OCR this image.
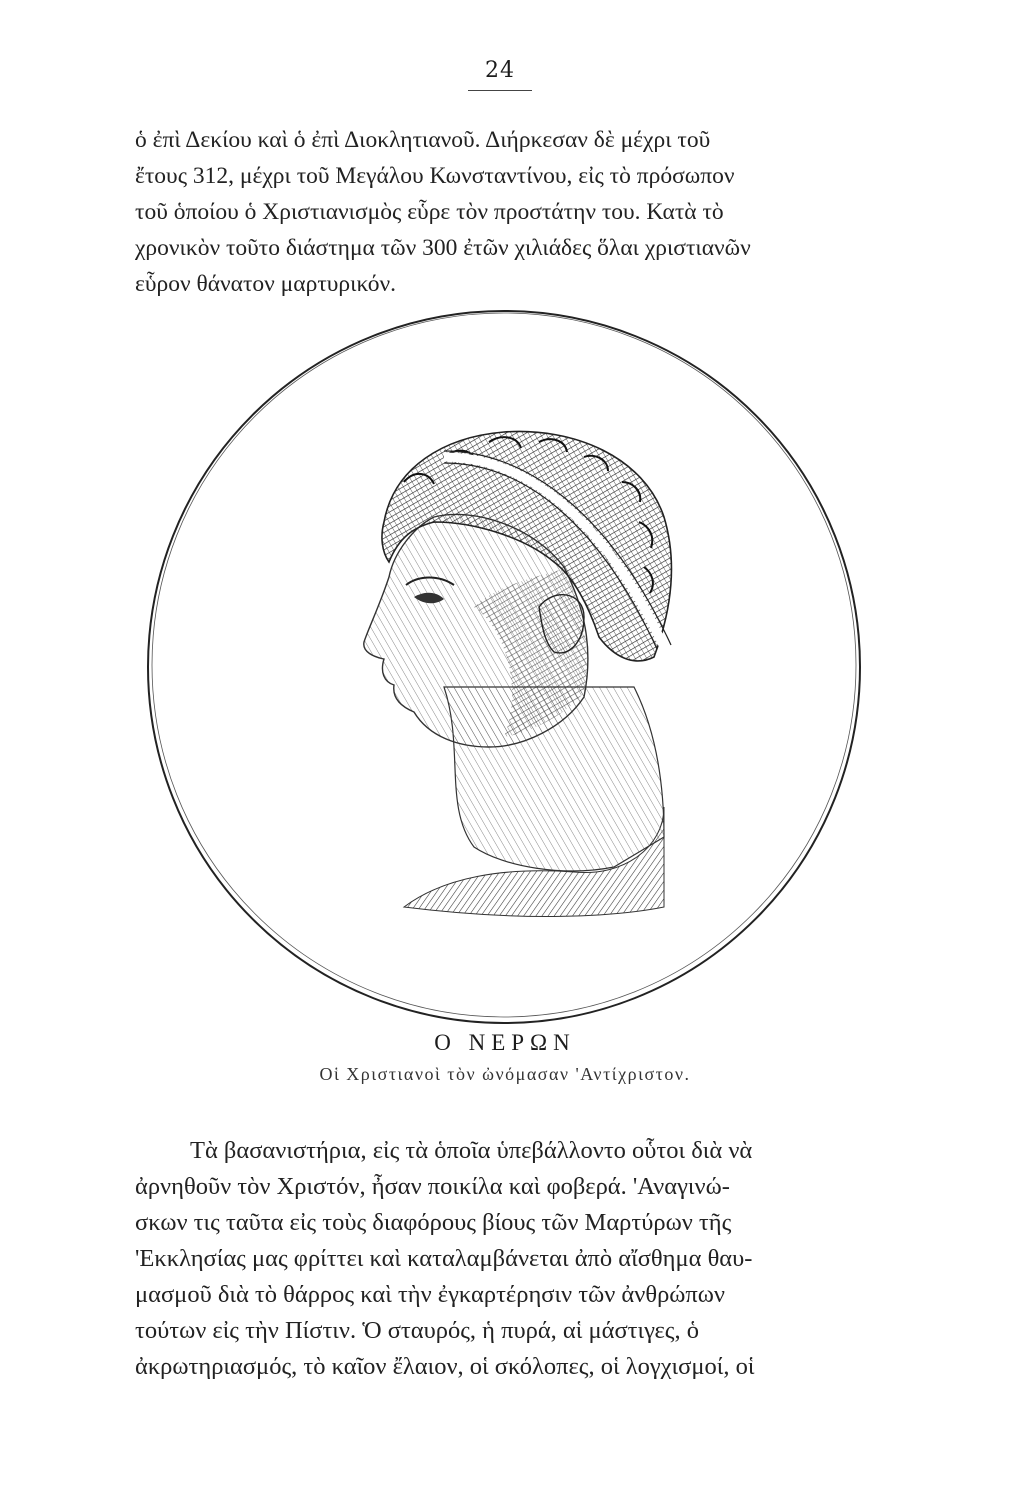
24
ὁ ἐπὶ Δεκίου καὶ ὁ ἐπὶ Διοκλητιανοῦ. Διήρκεσαν δὲ μέχρι τοῦ
ἔτους 312, μέχρι τοῦ Μεγάλου Κωνσταντίνου, εἰς τὸ πρόσωπον
τοῦ ὁποίου ὁ Χριστιανισμὸς εὗρε τὸν προστάτην του. Κατὰ τὸ
χρονικὸν τοῦτο διάστημα τῶν 300 ἐτῶν χιλιάδες ὅλαι χριστιανῶν
εὗρον θάνατον μαρτυρικόν.
Ο ΝΕΡΩΝ
Οἱ Χριστιανοὶ τὸν ὠνόμασαν 'Αντίχριστον.
Τὰ βασανιστήρια, εἰς τὰ ὁποῖα ὑπεβάλλοντο οὗτοι διὰ νὰ
ἀρνηθοῦν τὸν Χριστόν, ἦσαν ποικίλα καὶ φοβερά. 'Αναγινώ-
σκων τις ταῦτα εἰς τοὺς διαφόρους βίους τῶν Μαρτύρων τῆς
'Εκκλησίας μας φρίττει καὶ καταλαμβάνεται ἀπὸ αἴσθημα θαυ-
μασμοῦ διὰ τὸ θάρρος καὶ τὴν ἐγκαρτέρησιν τῶν ἀνθρώπων
τούτων εἰς τὴν Πίστιν. Ὁ σταυρός, ἡ πυρά, αἱ μάστιγες, ὁ
ἀκρωτηριασμός, τὸ καῖον ἔλαιον, οἱ σκόλοπες, οἱ λογχισμοί, οἱ
